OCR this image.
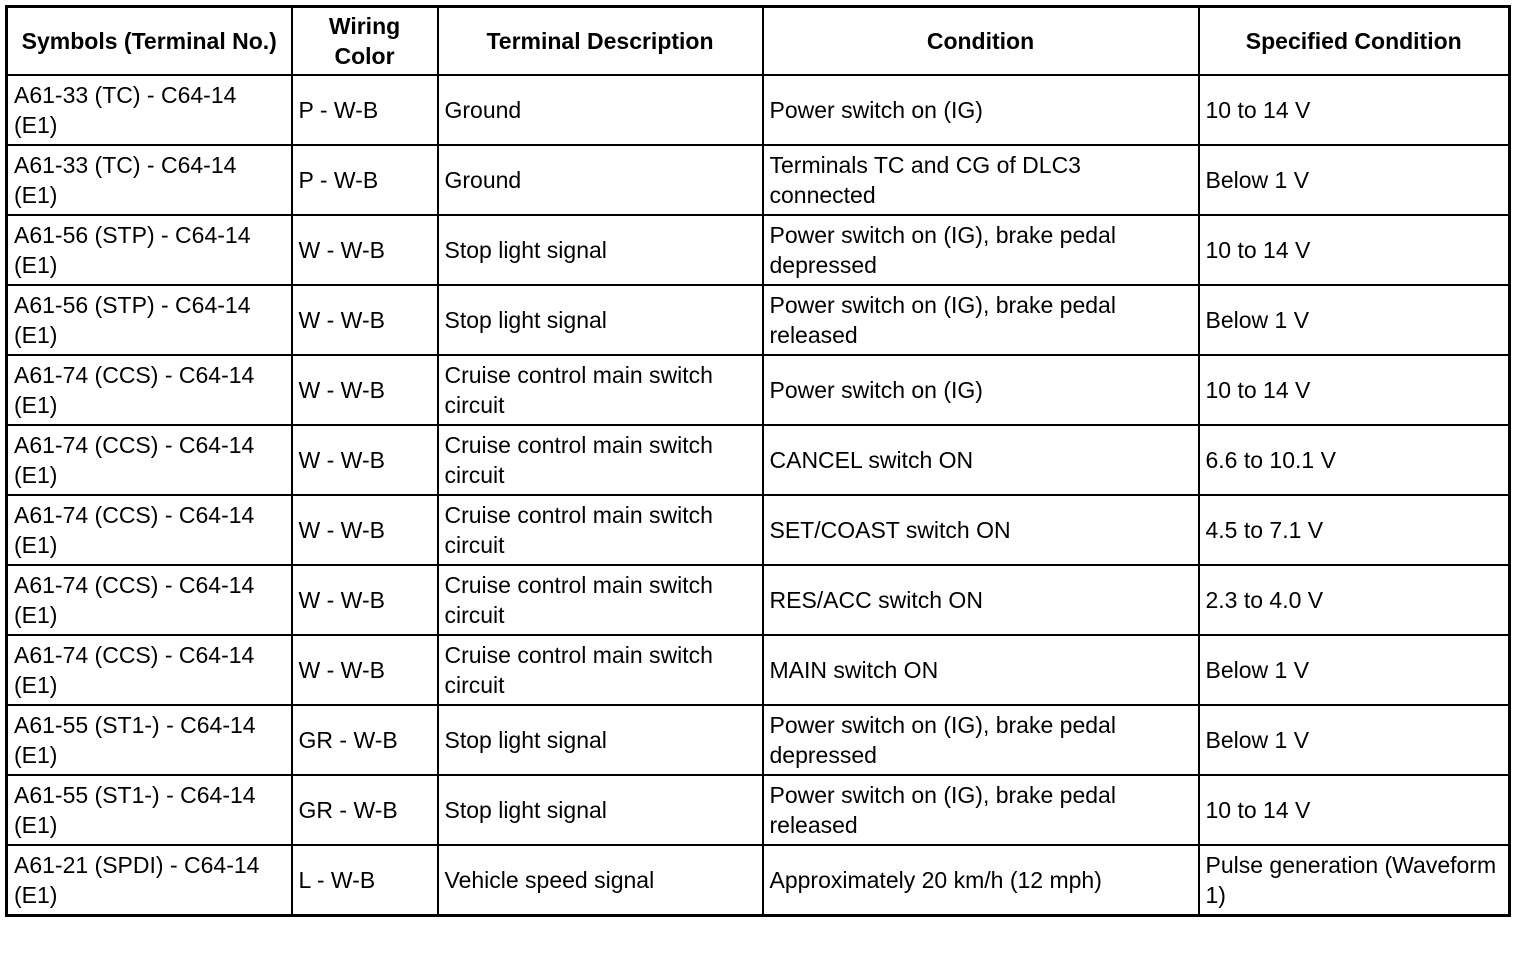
Symbols (Terminal No.)	Wiring Color	Terminal Description	Condition	Specified Condition
A61-33 (TC) - C64-14 (E1)	P - W-B	Ground	Power switch on (IG)	10 to 14 V
A61-33 (TC) - C64-14 (E1)	P - W-B	Ground	Terminals TC and CG of DLC3 connected	Below 1 V
A61-56 (STP) - C64-14 (E1)	W - W-B	Stop light signal	Power switch on (IG), brake pedal depressed	10 to 14 V
A61-56 (STP) - C64-14 (E1)	W - W-B	Stop light signal	Power switch on (IG), brake pedal released	Below 1 V
A61-74 (CCS) - C64-14 (E1)	W - W-B	Cruise control main switch circuit	Power switch on (IG)	10 to 14 V
A61-74 (CCS) - C64-14 (E1)	W - W-B	Cruise control main switch circuit	CANCEL switch ON	6.6 to 10.1 V
A61-74 (CCS) - C64-14 (E1)	W - W-B	Cruise control main switch circuit	SET/COAST switch ON	4.5 to 7.1 V
A61-74 (CCS) - C64-14 (E1)	W - W-B	Cruise control main switch circuit	RES/ACC switch ON	2.3 to 4.0 V
A61-74 (CCS) - C64-14 (E1)	W - W-B	Cruise control main switch circuit	MAIN switch ON	Below 1 V
A61-55 (ST1-) - C64-14 (E1)	GR - W-B	Stop light signal	Power switch on (IG), brake pedal depressed	Below 1 V
A61-55 (ST1-) - C64-14 (E1)	GR - W-B	Stop light signal	Power switch on (IG), brake pedal released	10 to 14 V
A61-21 (SPDI) - C64-14 (E1)	L - W-B	Vehicle speed signal	Approximately 20 km/h (12 mph)	Pulse generation (Waveform 1)
